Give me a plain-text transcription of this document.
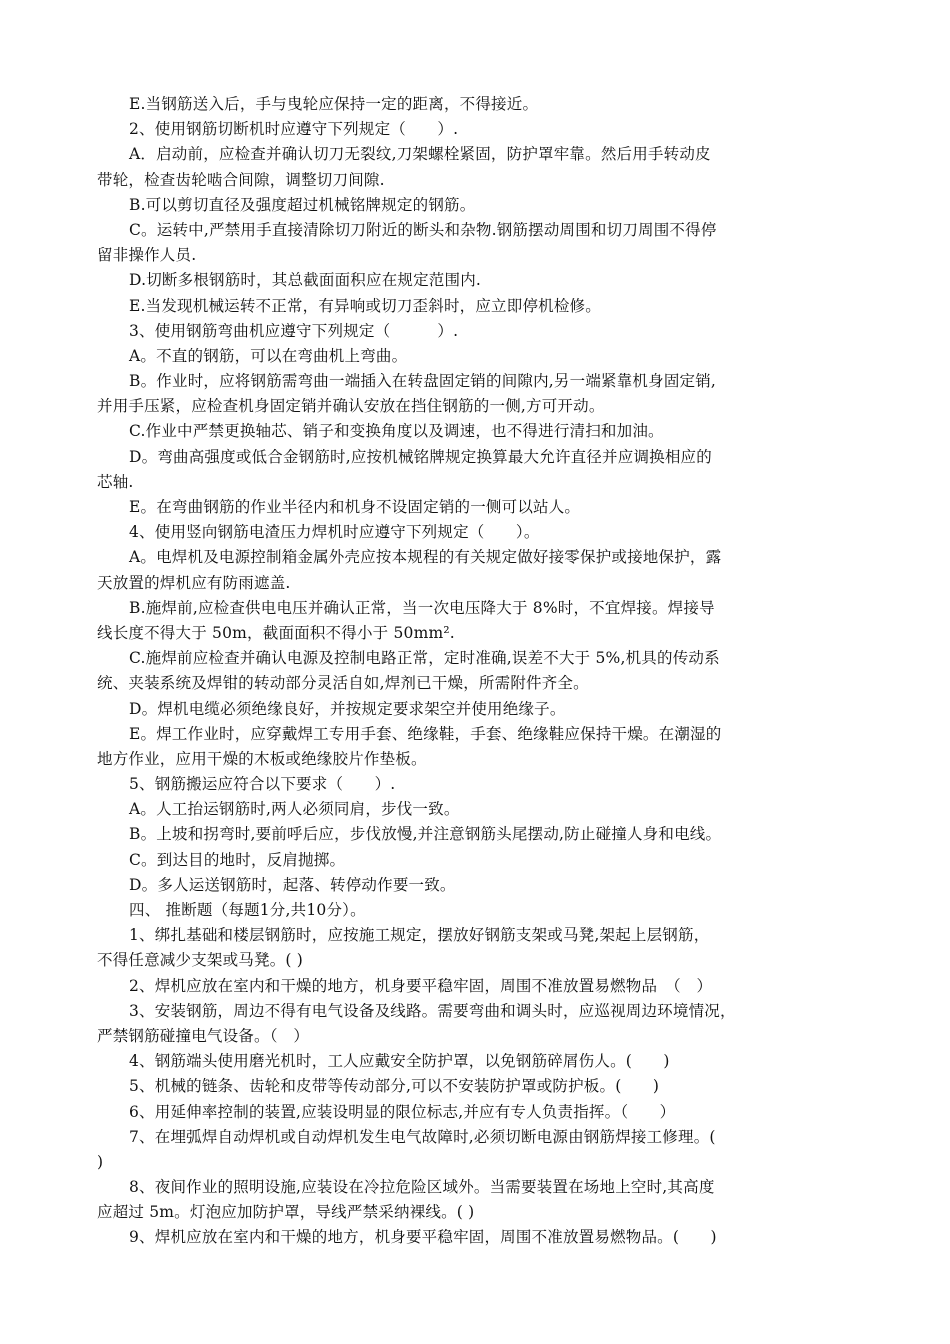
E.当钢筋送入后，手与曳轮应保持一定的距离，不得接近。
2、使用钢筋切断机时应遵守下列规定（　　）.
A．启动前，应检查并确认切刀无裂纹,刀架螺栓紧固，防护罩牢靠。然后用手转动皮
带轮，检查齿轮啮合间隙，调整切刀间隙.
B.可以剪切直径及强度超过机械铭牌规定的钢筋。
C。运转中,严禁用手直接清除切刀附近的断头和杂物.钢筋摆动周围和切刀周围不得停
留非操作人员.
D.切断多根钢筋时，其总截面面积应在规定范围内.
E.当发现机械运转不正常，有异响或切刀歪斜时，应立即停机检修。
3、使用钢筋弯曲机应遵守下列规定（　　　）.
A。不直的钢筋，可以在弯曲机上弯曲。
B。作业时，应将钢筋需弯曲一端插入在转盘固定销的间隙内,另一端紧靠机身固定销,
并用手压紧，应检查机身固定销并确认安放在挡住钢筋的一侧,方可开动。
C.作业中严禁更换轴芯、销子和变换角度以及调速，也不得进行清扫和加油。
D。弯曲高强度或低合金钢筋时,应按机械铭牌规定换算最大允许直径并应调换相应的
芯轴.
E。在弯曲钢筋的作业半径内和机身不设固定销的一侧可以站人。
4、使用竖向钢筋电渣压力焊机时应遵守下列规定（　　）。
A。电焊机及电源控制箱金属外壳应按本规程的有关规定做好接零保护或接地保护，露
天放置的焊机应有防雨遮盖.
B.施焊前,应检查供电电压并确认正常，当一次电压降大于 8%时，不宜焊接。焊接导
线长度不得大于 50m，截面面积不得小于 50mm².
C.施焊前应检查并确认电源及控制电路正常，定时准确,误差不大于 5%,机具的传动系
统、夹装系统及焊钳的转动部分灵活自如,焊剂已干燥，所需附件齐全。
D。焊机电缆必须绝缘良好，并按规定要求架空并使用绝缘子。
E。焊工作业时，应穿戴焊工专用手套、绝缘鞋，手套、绝缘鞋应保持干燥。在潮湿的
地方作业，应用干燥的木板或绝缘胶片作垫板。
5、钢筋搬运应符合以下要求（　　）.
A。人工抬运钢筋时,两人必须同肩，步伐一致。
B。上坡和拐弯时,要前呼后应，步伐放慢,并注意钢筋头尾摆动,防止碰撞人身和电线。
C。到达目的地时，反肩抛掷。
D。多人运送钢筋时，起落、转停动作要一致。
四、 推断题（每题1分,共10分）。
1、绑扎基础和楼层钢筋时，应按施工规定，摆放好钢筋支架或马凳,架起上层钢筋，
不得任意减少支架或马凳。( )
2、焊机应放在室内和干燥的地方，机身要平稳牢固，周围不准放置易燃物品　（　）
3、安装钢筋，周边不得有电气设备及线路。需要弯曲和调头时，应巡视周边环境情况，
严禁钢筋碰撞电气设备。（　）
4、钢筋端头使用磨光机时，工人应戴安全防护罩，以免钢筋碎屑伤人。(　　)
5、机械的链条、齿轮和皮带等传动部分,可以不安装防护罩或防护板。(　　)
6、用延伸率控制的装置,应装设明显的限位标志,并应有专人负责指挥。（　　）
7、在埋弧焊自动焊机或自动焊机发生电气故障时,必须切断电源由钢筋焊接工修理。(
)
8、夜间作业的照明设施,应装设在冷拉危险区域外。当需要装置在场地上空时,其高度
应超过 5m。灯泡应加防护罩，导线严禁采纳裸线。( )
9、焊机应放在室内和干燥的地方，机身要平稳牢固，周围不准放置易燃物品。(　　)
